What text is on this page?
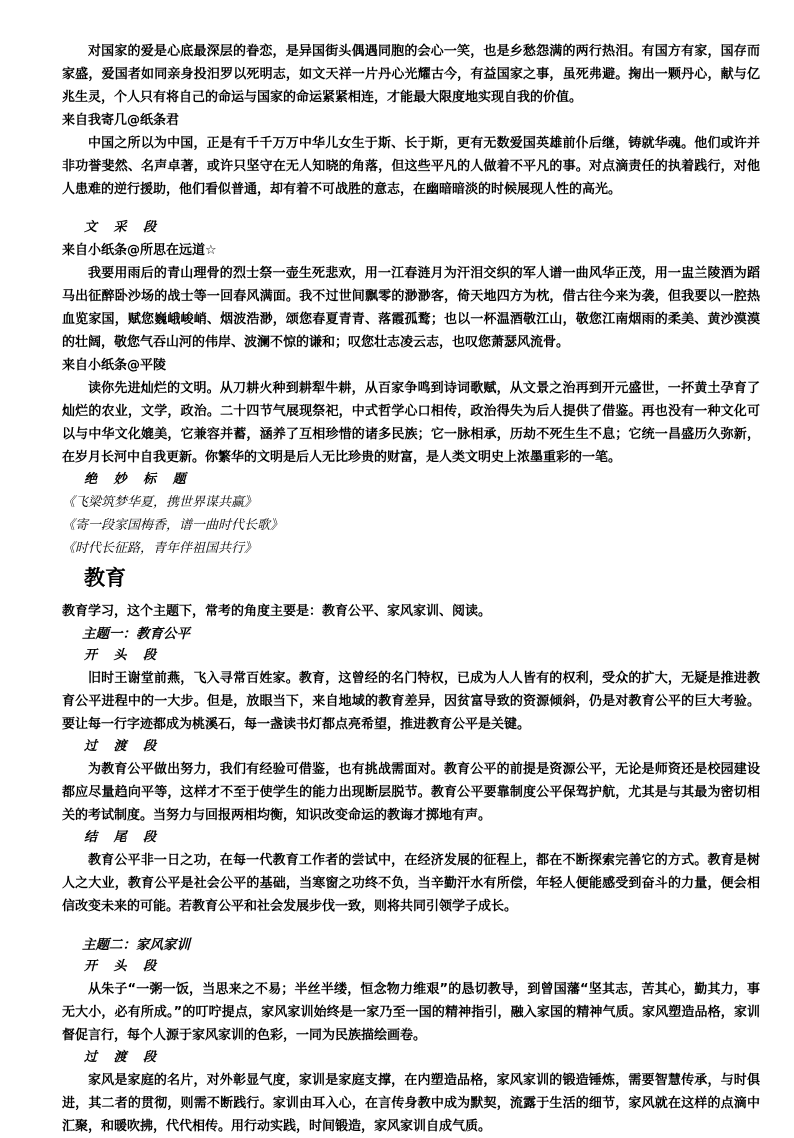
对国家的爱是心底最深层的眷恋，是异国街头偶遇同胞的会心一笑，也是乡愁怨满的两行热泪。有国方有家，国存而家盛，爱国者如同亲身投汨罗以死明志，如文天祥一片丹心光耀古今，有益国家之事，虽死弗避。掬出一颗丹心，献与亿兆生灵，个人只有将自己的命运与国家的命运紧紧相连，才能最大限度地实现自我的价值。

来自我寄几@纸条君

中国之所以为中国，正是有千千万万中华儿女生于斯、长于斯，更有无数爱国英雄前仆后继，铸就华魂。他们或许并非功誉斐然、名声卓著，或许只坚守在无人知晓的角落，但这些平凡的人做着不平凡的事。对点滴责任的执着践行，对他人患难的逆行援助，他们看似普通，却有着不可战胜的意志，在幽暗暗淡的时候展现人性的高光。

文 采 段

来自小纸条@所思在远道☆

我要用雨后的青山理骨的烈士祭一壶生死悲欢，用一江春涟月为汗泪交织的军人谱一曲风华正茂，用一盅兰陵酒为蹈马出征醉卧沙场的战士等一回春风满面。我不过世间飘零的渺渺客，倚天地四方为枕，借古往今来为袭，但我要以一腔热血览家国，赋您巍峨峻峭、烟波浩渺，颂您春夏青青、落霞孤鹜；也以一杯温酒敬江山，敬您江南烟雨的柔美、黄沙漠漠的壮阔，敬您气吞山河的伟岸、波澜不惊的谦和；叹您壮志凌云志，也叹您萧瑟风流骨。

来自小纸条@平陵

读你先进灿烂的文明。从刀耕火种到耕犁牛耕，从百家争鸣到诗词歌赋，从文景之治再到开元盛世，一抔黄土孕育了灿烂的农业，文学，政治。二十四节气展现祭祀，中式哲学心口相传，政治得失为后人提供了借鉴。再也没有一种文化可以与中华文化媲美，它兼容并蓄，涵养了互相珍惜的诸多民族；它一脉相承，历劫不死生生不息；它统一昌盛历久弥新，在岁月长河中自我更新。你繁华的文明是后人无比珍贵的财富，是人类文明史上浓墨重彩的一笔。

绝 妙 标 题
《飞梁筑梦华夏，携世界谋共赢》
《寄一段家国梅香，谱一曲时代长歌》
《时代长征路，青年伴祖国共行》
教育

教育学习，这个主题下，常考的角度主要是：教育公平、家风家训、阅读。

主题一：教育公平
开 头 段

旧时王谢堂前燕，飞入寻常百姓家。教育，这曾经的名门特权，已成为人人皆有的权利，受众的扩大，无疑是推进教育公平进程中的一大步。但是，放眼当下，来自地域的教育差异，因贫富导致的资源倾斜，仍是对教育公平的巨大考验。要让每一行字迹都成为桃溪石，每一盏读书灯都点亮希望，推进教育公平是关键。

过 渡 段

为教育公平做出努力，我们有经验可借鉴，也有挑战需面对。教育公平的前提是资源公平，无论是师资还是校园建设都应尽量趋向平等，这样才不至于使学生的能力出现断层脱节。教育公平要靠制度公平保驾护航，尤其是与其最为密切相关的考试制度。当努力与回报两相均衡，知识改变命运的教诲才掷地有声。

结 尾 段

教育公平非一日之功，在每一代教育工作者的尝试中，在经济发展的征程上，都在不断探索完善它的方式。教育是树人之大业，教育公平是社会公平的基础，当寒窗之功终不负，当辛勤汗水有所偿，年轻人便能感受到奋斗的力量，便会相信改变未来的可能。若教育公平和社会发展步伐一致，则将共同引领学子成长。

主题二：家风家训
开 头 段

从朱子“一粥一饭，当思来之不易；半丝半缕，恒念物力维艰”的恳切教导，到曾国藩“坚其志，苦其心，勤其力，事无大小，必有所成。”的叮咛提点，家风家训始终是一家乃至一国的精神指引，融入家国的精神气质。家风塑造品格，家训督促言行，每个人源于家风家训的色彩，一同为民族描绘画卷。

过 渡 段

家风是家庭的名片，对外彰显气度，家训是家庭支撑，在内塑造品格，家风家训的锻造锤炼，需要智慧传承，与时俱进，其二者的贯彻，则需不断践行。家训由耳入心，在言传身教中成为默契，流露于生活的细节，家风就在这样的点滴中汇聚，和暖吹拂，代代相传。用行动实践，时间锻造，家风家训自成气质。
